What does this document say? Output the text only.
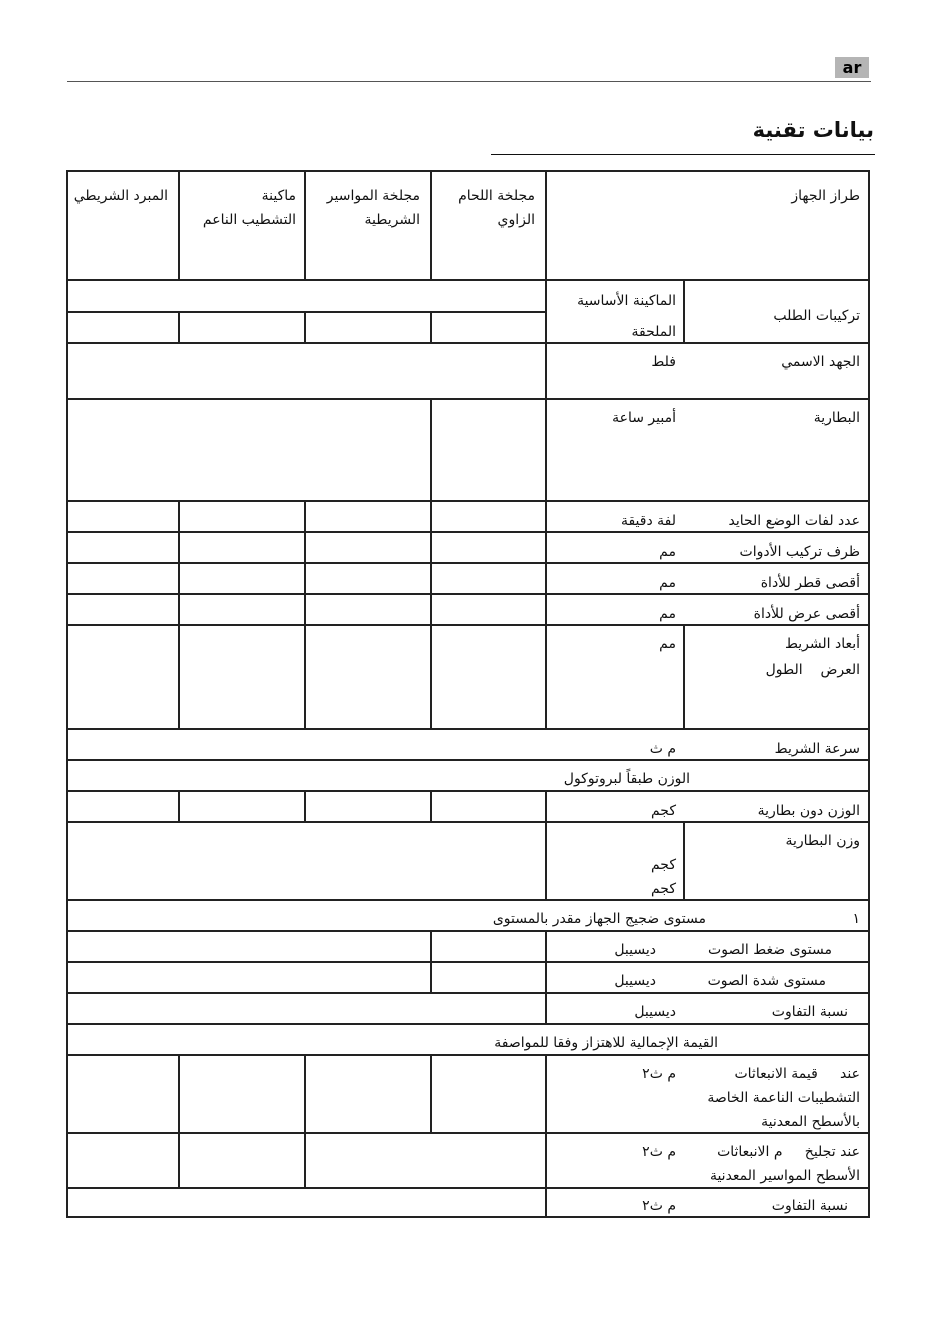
ar
بيانات تقنية
طراز الجهاز
مجلخة اللحام
الزاوي
مجلخة المواسير
الشريطية
ماكينة
التشطيب الناعم
المبرد الشريطي
تركيبات الطلب
الماكينة الأساسية
الملحقة
الجهد الاسمي
فلط
البطارية
أمبير ساعة
عدد لفات الوضع الحايد
لفة دقيقة
ظرف تركيب الأدوات
مم
أقصى قطر للأداة
مم
أقصى عرض للأداة
مم
أبعاد الشريط
العرض    الطول
مم
سرعة الشريط
م ث
الوزن طبقاً لبروتوكول
الوزن دون بطارية
كجم
وزن البطارية
كجم
كجم
١
مستوى ضجيج الجهاز مقدر بالمستوى
مستوى ضغط الصوت
ديسيبل
مستوى شدة الصوت
ديسيبل
نسبة التفاوت
ديسيبل
القيمة الإجمالية للاهتزاز وفقا للمواصفة
عند     قيمة الانبعاثات
التشطيبات الناعمة الخاصة
بالأسطح المعدنية
م ث٢
عند تجليخ     م الانبعاثات
الأسطح المواسير المعدنية
م ث٢
نسبة التفاوت
م ث٢
